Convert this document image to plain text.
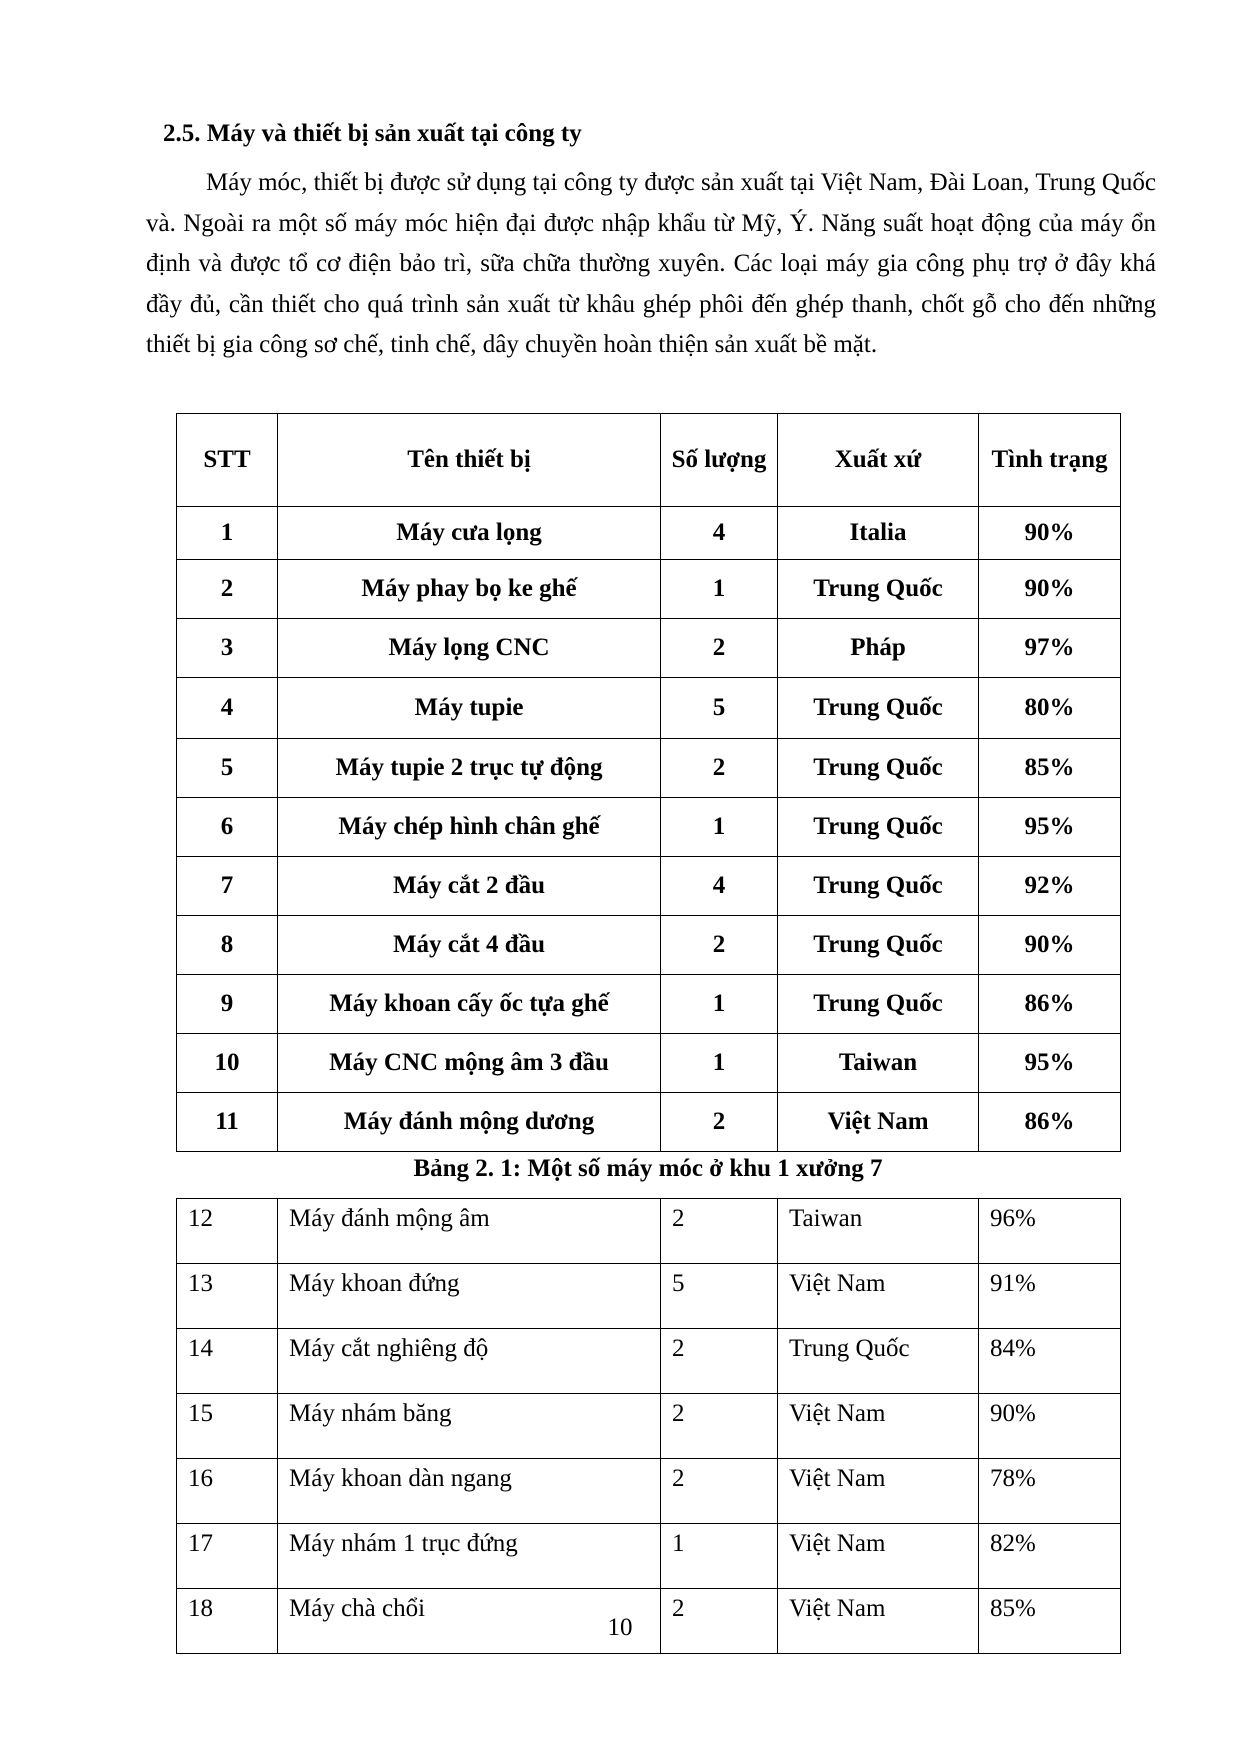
2.5. Máy và thiết bị sản xuất tại công ty

Máy móc, thiết bị được sử dụng tại công ty được sản xuất tại Việt Nam, Đài Loan, Trung Quốc và. Ngoài ra một số máy móc hiện đại được nhập khẩu từ Mỹ, Ý. Năng suất hoạt động của máy ổn định và được tổ cơ điện bảo trì, sữa chữa thường xuyên. Các loại máy gia công phụ trợ ở đây khá đầy đủ, cần thiết cho quá trình sản xuất từ khâu ghép phôi đến ghép thanh, chốt gỗ cho đến những thiết bị gia công sơ chế, tinh chế, dây chuyền hoàn thiện sản xuất bề mặt.

STT	Tên thiết bị	Số lượng	Xuất xứ	Tình trạng
1	Máy cưa lọng	4	Italia	90%
2	Máy phay bọ ke ghế	1	Trung Quốc	90%
3	Máy lọng CNC	2	Pháp	97%
4	Máy tupie	5	Trung Quốc	80%
5	Máy tupie 2 trục tự động	2	Trung Quốc	85%
6	Máy chép hình chân ghế	1	Trung Quốc	95%
7	Máy cắt 2 đầu	4	Trung Quốc	92%
8	Máy cắt 4 đầu	2	Trung Quốc	90%
9	Máy khoan cấy ốc tựa ghế	1	Trung Quốc	86%
10	Máy CNC mộng âm 3 đầu	1	Taiwan	95%
11	Máy đánh mộng dương	2	Việt Nam	86%
Bảng 2. 1: Một số máy móc ở khu 1 xưởng 7
12	Máy đánh mộng âm	2	Taiwan	96%
13	Máy khoan đứng	5	Việt Nam	91%
14	Máy cắt nghiêng độ	2	Trung Quốc	84%
15	Máy nhám băng	2	Việt Nam	90%
16	Máy khoan dàn ngang	2	Việt Nam	78%
17	Máy nhám 1 trục đứng	1	Việt Nam	82%
18	Máy chà chổi	2	Việt Nam	85%
10
